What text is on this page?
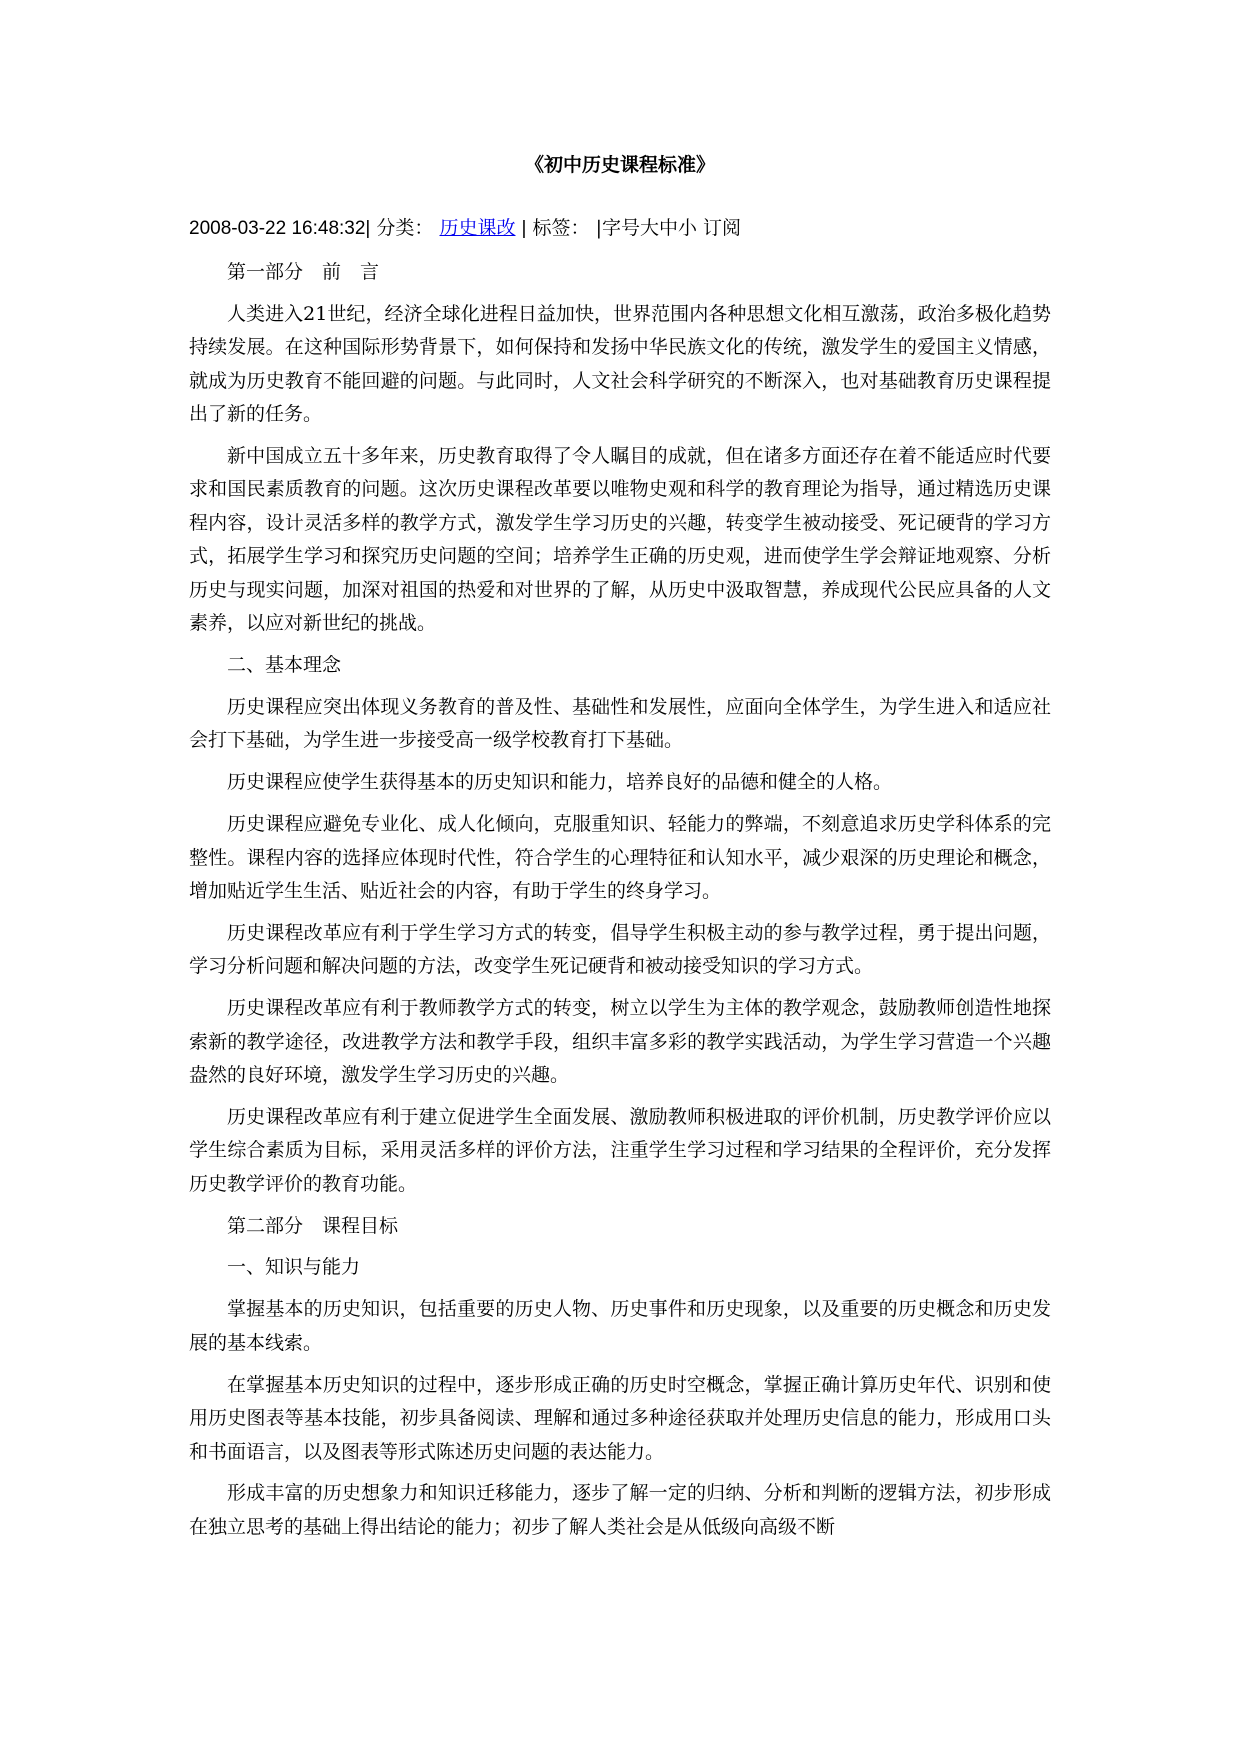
《初中历史课程标准》
2008-03-22 16:48:32| 分类： 历史课改 | 标签： |字号大中小 订阅

第一部分　前　言

人类进入21世纪，经济全球化进程日益加快，世界范围内各种思想文化相互激荡，政治多极化趋势持续发展。在这种国际形势背景下，如何保持和发扬中华民族文化的传统，激发学生的爱国主义情感，就成为历史教育不能回避的问题。与此同时，人文社会科学研究的不断深入，也对基础教育历史课程提出了新的任务。

新中国成立五十多年来，历史教育取得了令人瞩目的成就，但在诸多方面还存在着不能适应时代要求和国民素质教育的问题。这次历史课程改革要以唯物史观和科学的教育理论为指导，通过精选历史课程内容，设计灵活多样的教学方式，激发学生学习历史的兴趣，转变学生被动接受、死记硬背的学习方式，拓展学生学习和探究历史问题的空间；培养学生正确的历史观，进而使学生学会辩证地观察、分析历史与现实问题，加深对祖国的热爱和对世界的了解，从历史中汲取智慧，养成现代公民应具备的人文素养，以应对新世纪的挑战。

二、基本理念

历史课程应突出体现义务教育的普及性、基础性和发展性，应面向全体学生，为学生进入和适应社会打下基础，为学生进一步接受高一级学校教育打下基础。

历史课程应使学生获得基本的历史知识和能力，培养良好的品德和健全的人格。

历史课程应避免专业化、成人化倾向，克服重知识、轻能力的弊端，不刻意追求历史学科体系的完整性。课程内容的选择应体现时代性，符合学生的心理特征和认知水平，减少艰深的历史理论和概念，增加贴近学生生活、贴近社会的内容，有助于学生的终身学习。

历史课程改革应有利于学生学习方式的转变，倡导学生积极主动的参与教学过程，勇于提出问题，学习分析问题和解决问题的方法，改变学生死记硬背和被动接受知识的学习方式。

历史课程改革应有利于教师教学方式的转变，树立以学生为主体的教学观念，鼓励教师创造性地探索新的教学途径，改进教学方法和教学手段，组织丰富多彩的教学实践活动，为学生学习营造一个兴趣盎然的良好环境，激发学生学习历史的兴趣。

历史课程改革应有利于建立促进学生全面发展、激励教师积极进取的评价机制，历史教学评价应以学生综合素质为目标，采用灵活多样的评价方法，注重学生学习过程和学习结果的全程评价，充分发挥历史教学评价的教育功能。

第二部分　课程目标

一、知识与能力

掌握基本的历史知识，包括重要的历史人物、历史事件和历史现象，以及重要的历史概念和历史发展的基本线索。

在掌握基本历史知识的过程中，逐步形成正确的历史时空概念，掌握正确计算历史年代、识别和使用历史图表等基本技能，初步具备阅读、理解和通过多种途径获取并处理历史信息的能力，形成用口头和书面语言，以及图表等形式陈述历史问题的表达能力。

形成丰富的历史想象力和知识迁移能力，逐步了解一定的归纳、分析和判断的逻辑方法，初步形成在独立思考的基础上得出结论的能力；初步了解人类社会是从低级向高级不断
